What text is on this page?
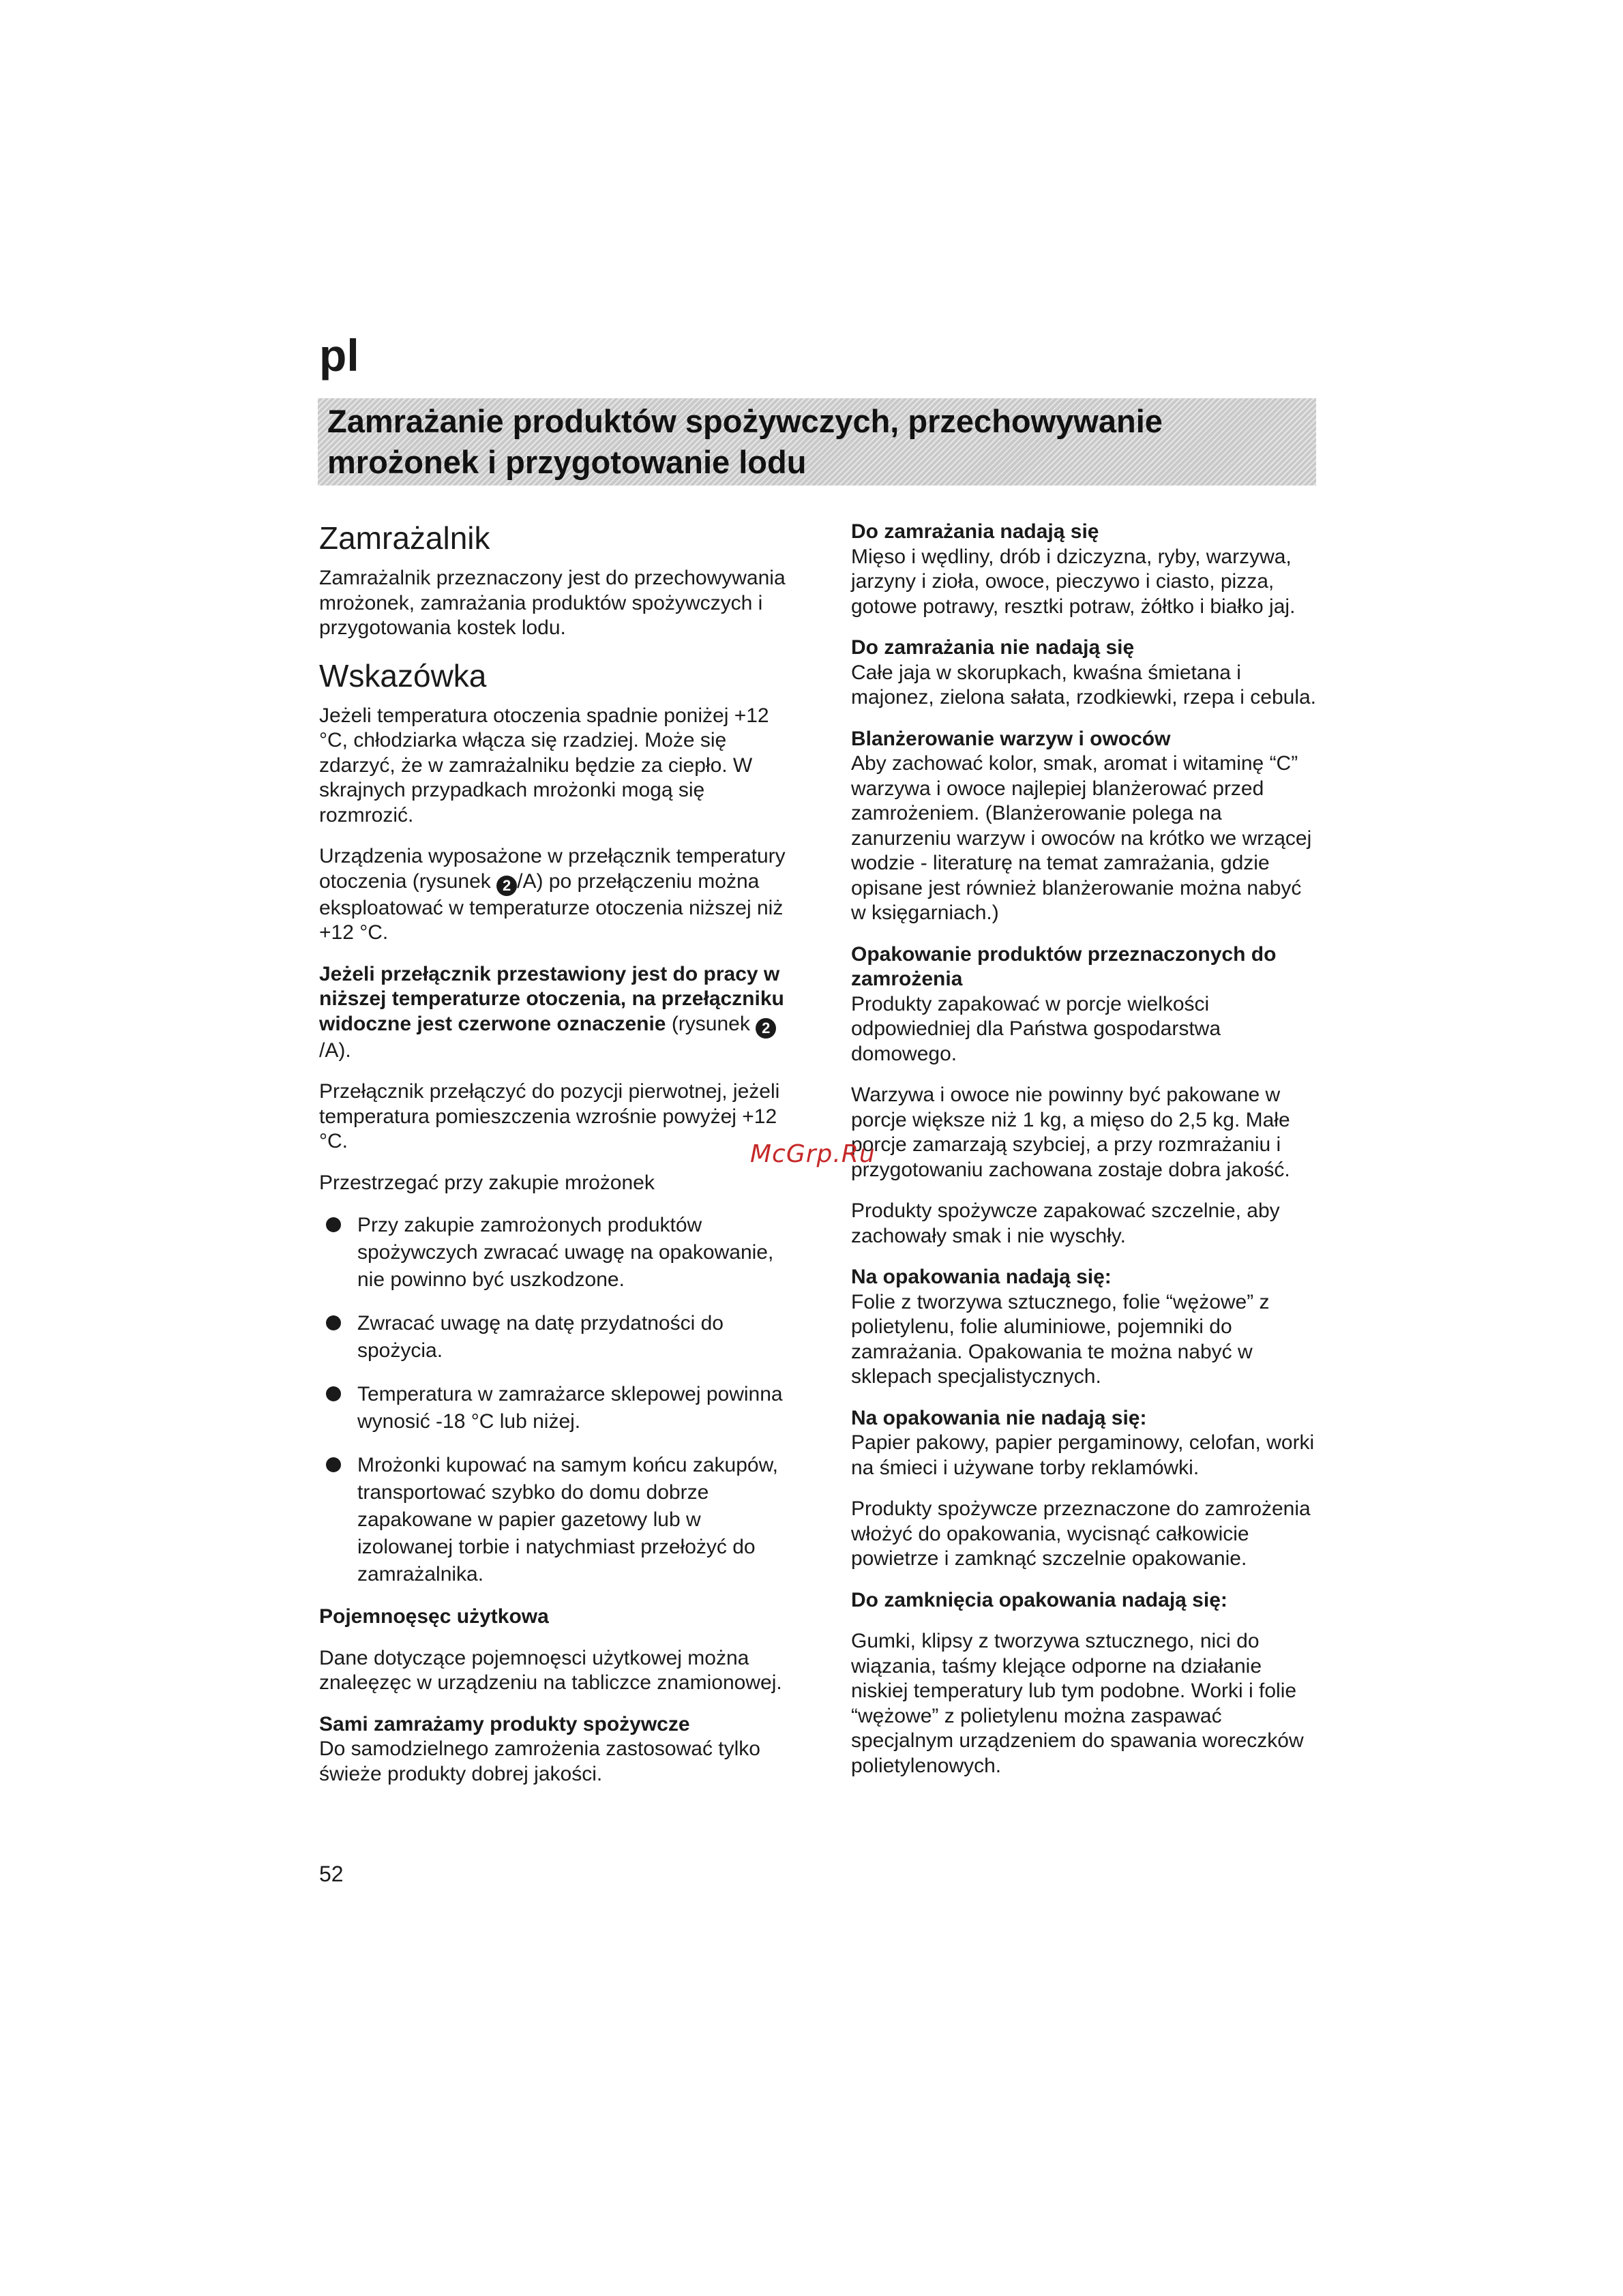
pl
Zamrażanie produktów spożywczych, przechowywanie
mrożonek i przygotowanie lodu
Zamrażalnik

Zamrażalnik przeznaczony jest do przechowywania mrożonek, zamrażania produktów spożywczych i przygotowania kostek lodu.

Wskazówka

Jeżeli temperatura otoczenia spadnie poniżej +12 °C, chłodziarka włącza się rzadziej. Może się zdarzyć, że w zamrażalniku będzie za ciepło. W skrajnych przypadkach mrożonki mogą się rozmrozić.

Urządzenia wyposażone w przełącznik temperatury otoczenia (rysunek 2 /A) po przełączeniu można eksploatować w temperaturze otoczenia niższej niż +12 °C.

Jeżeli przełącznik przestawiony jest do pracy w niższej temperaturze otoczenia, na przełączniku widoczne jest czerwone oznaczenie (rysunek 2/A).

Przełącznik przełączyć do pozycji pierwotnej, jeżeli temperatura pomieszczenia wzrośnie powyżej +12 °C.

Przestrzegać przy zakupie mrożonek

Przy zakupie zamrożonych produktów spożywczych zwracać uwagę na opakowanie, nie powinno być uszkodzone.
Zwracać uwagę na datę przydatności do spożycia.
Temperatura w zamrażarce sklepowej powinna wynosić -18 °C lub niżej.
Mrożonki kupować na samym końcu zakupów, transportować szybko do domu dobrze zapakowane w papier gazetowy lub w izolowanej torbie i natychmiast przełożyć do zamrażalnika.

Pojemnoęsęc użytkowa

Dane dotyczące pojemnoęsci użytkowej można znaleęzęc w urządzeniu na tabliczce znamionowej.

Sami zamrażamy produkty spożywcze

Do samodzielnego zamrożenia zastosować tylko świeże produkty dobrej jakości.

Do zamrażania nadają się

Mięso i wędliny, drób i dziczyzna, ryby, warzywa, jarzyny i zioła, owoce, pieczywo i ciasto, pizza, gotowe potrawy, resztki potraw, żółtko i białko jaj.

Do zamrażania nie nadają się

Całe jaja w skorupkach, kwaśna śmietana i majonez, zielona sałata, rzodkiewki, rzepa i cebula.

Blanżerowanie warzyw i owoców

Aby zachować kolor, smak, aromat i witaminę “C” warzywa i owoce najlepiej blanżerować przed zamrożeniem. (Blanżerowanie polega na zanurzeniu warzyw i owoców na krótko we wrzącej wodzie - literaturę na temat zamrażania, gdzie opisane jest również blanżerowanie można nabyć w księgarniach.)

Opakowanie produktów przeznaczonych do zamrożenia

Produkty zapakować w porcje wielkości odpowiedniej dla Państwa gospodarstwa domowego.

Warzywa i owoce nie powinny być pakowane w porcje większe niż 1 kg, a mięso do 2,5 kg. Małe porcje zamarzają szybciej, a przy rozmrażaniu i przygotowaniu zachowana zostaje dobra jakość.

Produkty spożywcze zapakować szczelnie, aby zachowały smak i nie wyschły.

Na opakowania nadają się:

Folie z tworzywa sztucznego, folie “wężowe” z polietylenu, folie aluminiowe, pojemniki do zamrażania. Opakowania te można nabyć w sklepach specjalistycznych.

Na opakowania nie nadają się:

Papier pakowy, papier pergaminowy, celofan, worki na śmieci i używane torby reklamówki.

Produkty spożywcze przeznaczone do zamrożenia włożyć do opakowania, wycisnąć całkowicie powietrze i zamknąć szczelnie opakowanie.

Do zamknięcia opakowania nadają się:

Gumki, klipsy z tworzywa sztucznego, nici do wiązania, taśmy klejące odporne na działanie niskiej temperatury lub tym podobne. Worki i folie “wężowe” z polietylenu można zaspawać specjalnym urządzeniem do spawania woreczków polietylenowych.

52
McGrp.Ru
